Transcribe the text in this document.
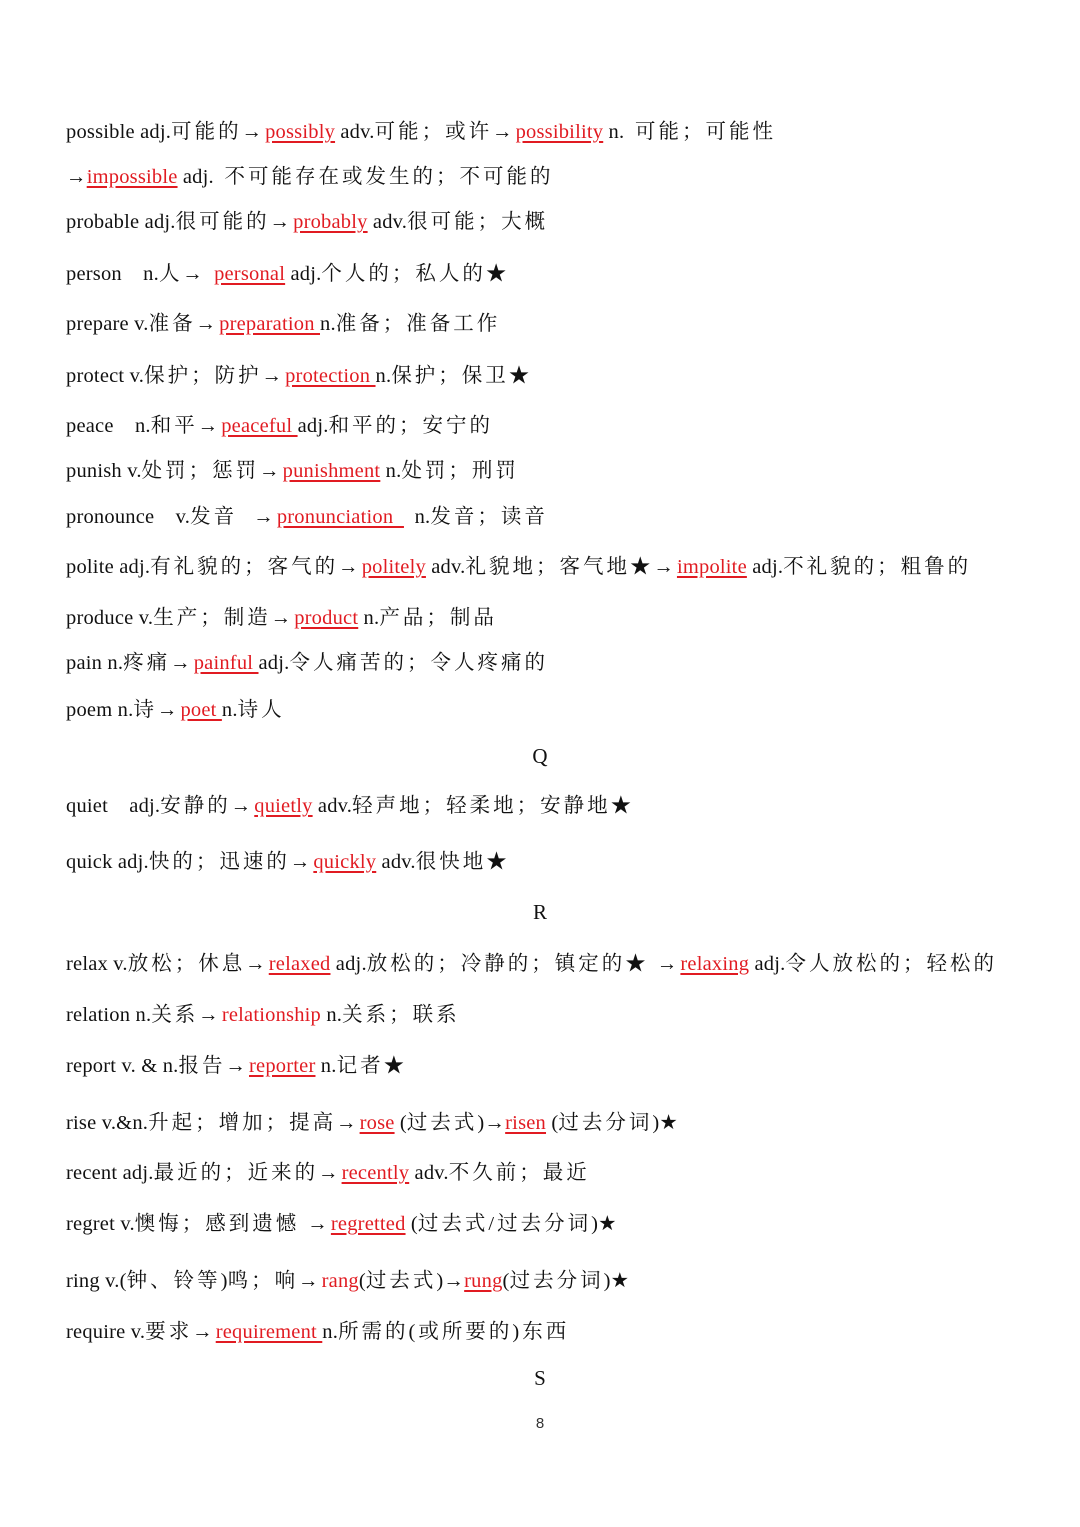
possible adj.可能的→possibly adv.可能；或许→possibility n.  可能；可能性
→impossible adj.  不可能存在或发生的；不可能的
probable adj.很可能的→probably adv.很可能；大概
person    n.人→ personal adj.个人的；私人的★
prepare v.准备→preparation n.准备；准备工作
protect v.保护；防护→protection n.保护；保卫★
peace    n.和平→peaceful adj.和平的；安宁的
punish v.处罚；惩罚→punishment n.处罚；刑罚
pronounce    v.发音  →pronunciation    n.发音；读音
polite adj.有礼貌的；客气的→politely adv.礼貌地；客气地★→impolite adj.不礼貌的；粗鲁的
produce v.生产；制造→product n.产品；制品
pain n.疼痛→painful adj.令人痛苦的；令人疼痛的
poem n.诗→poet n.诗人
Q
quiet    adj.安静的→quietly adv.轻声地；轻柔地；安静地★
quick adj.快的；迅速的→quickly adv.很快地★
R
relax v.放松；休息→relaxed adj.放松的；冷静的；镇定的★ →relaxing adj.令人放松的；轻松的
relation n.关系→relationship n.关系；联系
report v. & n.报告→reporter n.记者★
rise v.&n.升起；增加；提高→rose (过去式)→risen (过去分词)★
recent adj.最近的；近来的→recently adv.不久前；最近
regret v.懊悔；感到遗憾 →regretted (过去式/过去分词)★
ring v.(钟、铃等)鸣；响→rang(过去式)→rung(过去分词)★
require v.要求→requirement n.所需的(或所要的)东西
S
8
